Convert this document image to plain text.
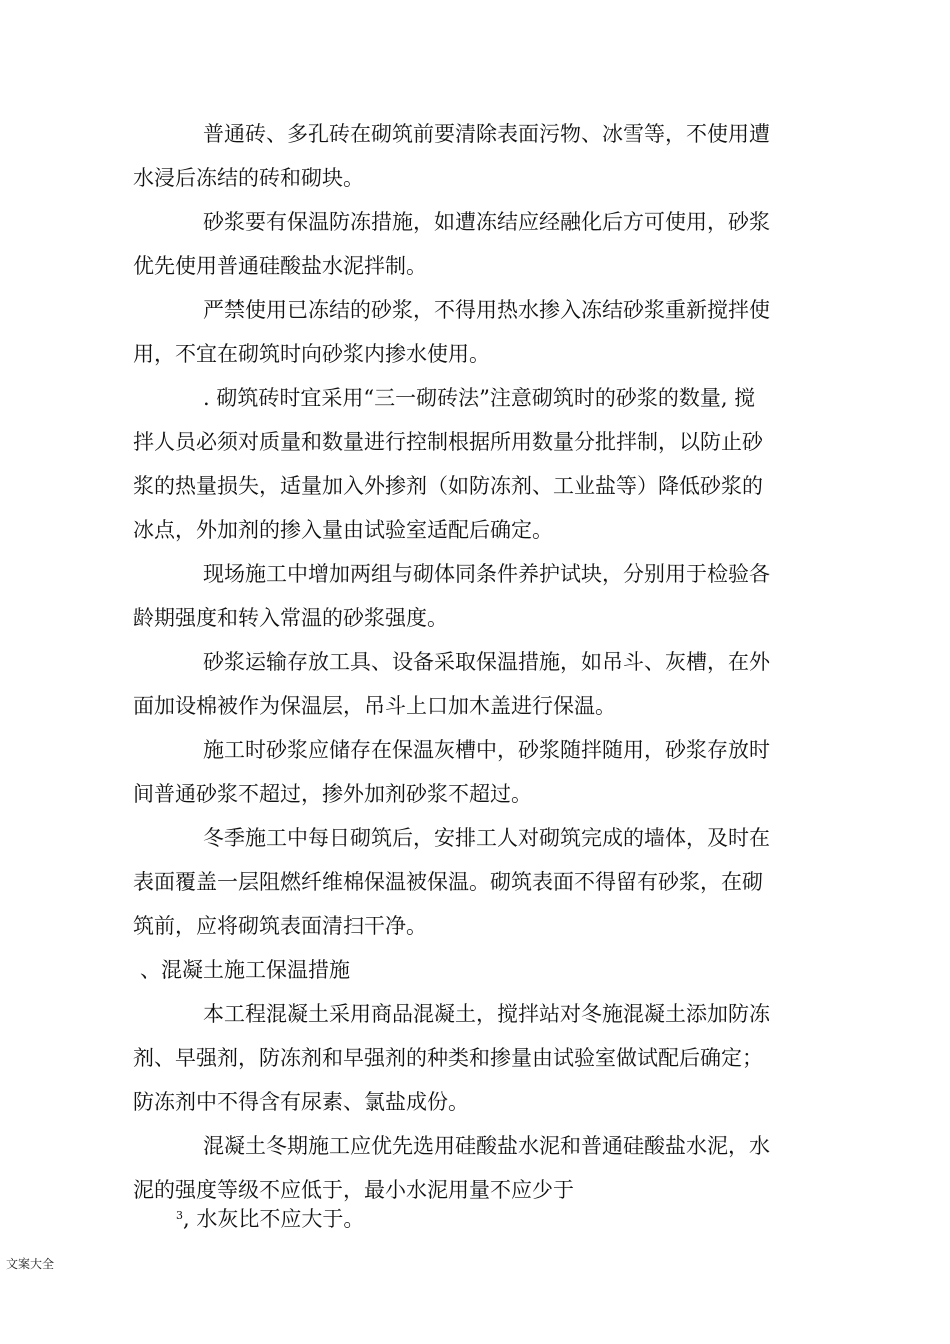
普通砖、多孔砖在砌筑前要清除表面污物、冰雪等，不使用遭
水浸后冻结的砖和砌块。

砂浆要有保温防冻措施，如遭冻结应经融化后方可使用，砂浆
优先使用普通硅酸盐水泥拌制。

严禁使用已冻结的砂浆，不得用热水掺入冻结砂浆重新搅拌使
用，不宜在砌筑时向砂浆内掺水使用。

. 砌筑砖时宜采用“三一砌砖法”注意砌筑时的砂浆的数量, 搅
拌人员必须对质量和数量进行控制根据所用数量分批拌制，以防止砂
浆的热量损失，适量加入外掺剂（如防冻剂、工业盐等）降低砂浆的
冰点，外加剂的掺入量由试验室适配后确定。

现场施工中增加两组与砌体同条件养护试块，分别用于检验各
龄期强度和转入常温的砂浆强度。

砂浆运输存放工具、设备采取保温措施，如吊斗、灰槽，在外
面加设棉被作为保温层，吊斗上口加木盖进行保温。

施工时砂浆应储存在保温灰槽中，砂浆随拌随用，砂浆存放时
间普通砂浆不超过，掺外加剂砂浆不超过。

冬季施工中每日砌筑后，安排工人对砌筑完成的墙体，及时在
表面覆盖一层阻燃纤维棉保温被保温。砌筑表面不得留有砂浆，在砌
筑前，应将砌筑表面清扫干净。

、混凝土施工保温措施

本工程混凝土采用商品混凝土，搅拌站对冬施混凝土添加防冻
剂、早强剂，防冻剂和早强剂的种类和掺量由试验室做试配后确定；
防冻剂中不得含有尿素、氯盐成份。

混凝土冬期施工应优先选用硅酸盐水泥和普通硅酸盐水泥，水
泥的强度等级不应低于，最小水泥用量不应少于

$^3$, 水灰比不应大于。

文案大全
